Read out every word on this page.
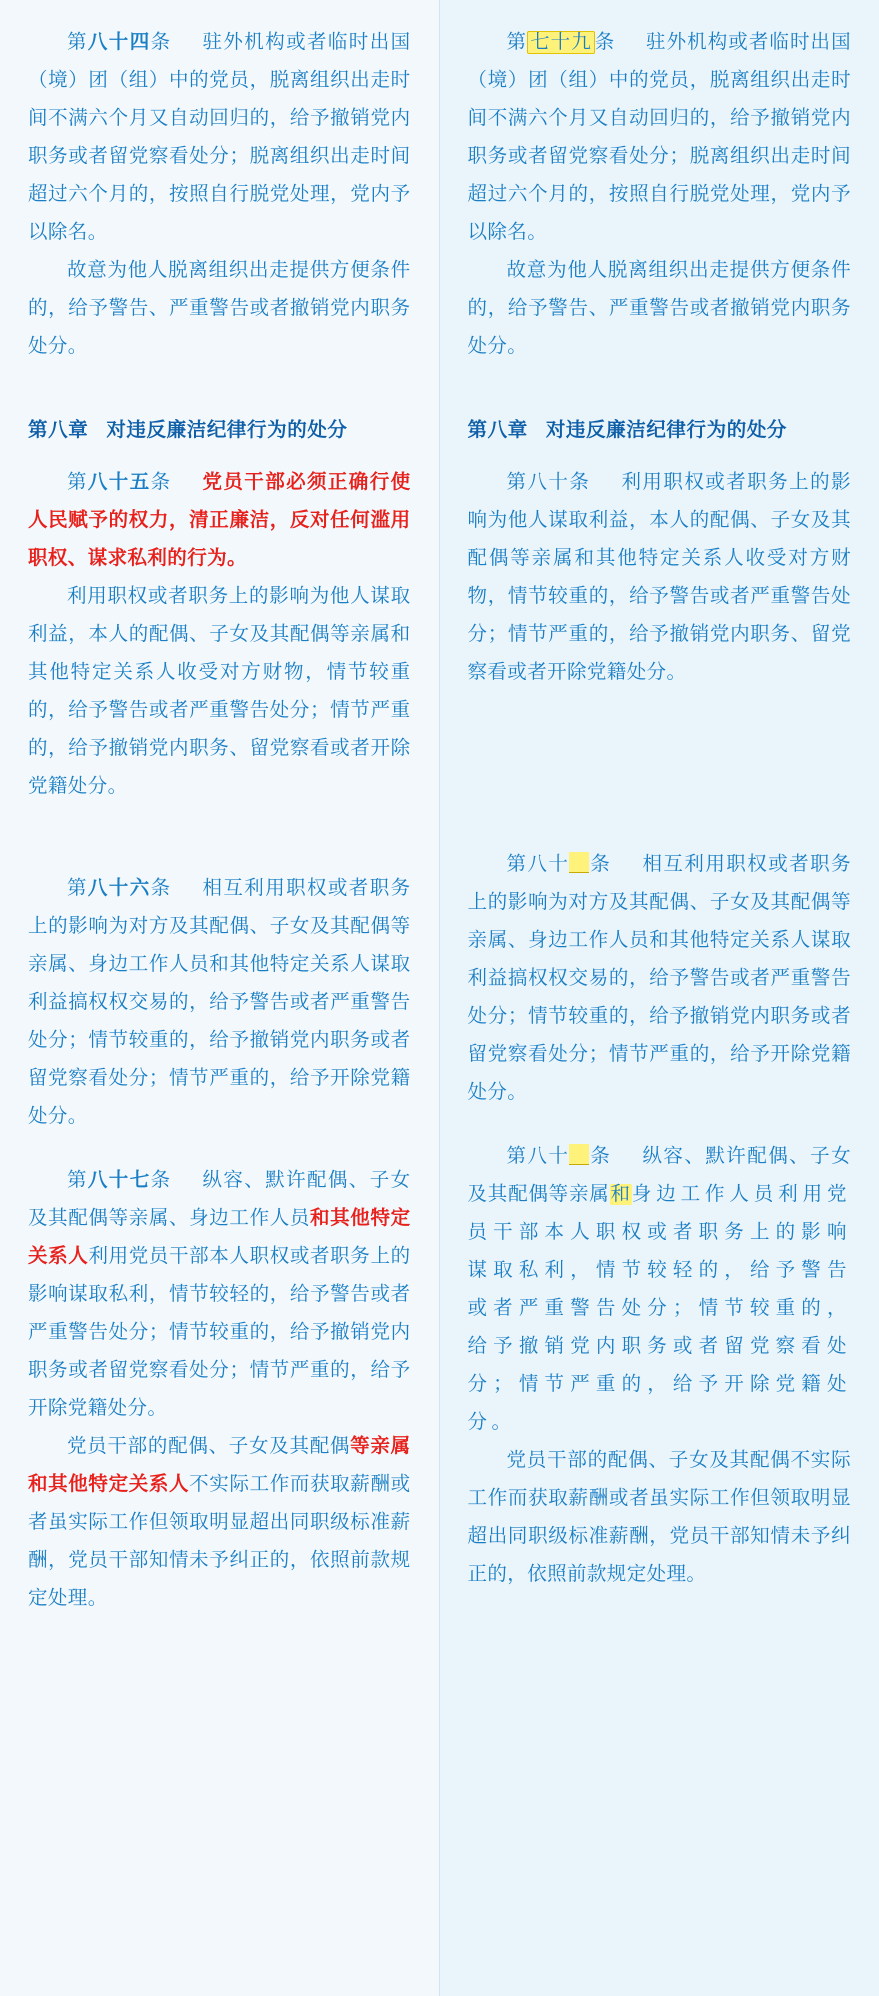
第八十四条 驻外机构或者临时出国（境）团（组）中的党员，脱离组织出走时间不满六个月又自动回归的，给予撤销党内职务或者留党察看处分；脱离组织出走时间超过六个月的，按照自行脱党处理，党内予以除名。

故意为他人脱离组织出走提供方便条件的，给予警告、严重警告或者撤销党内职务处分。

第八章 对违反廉洁纪律行为的处分

第八十五条 党员干部必须正确行使人民赋予的权力，清正廉洁，反对任何滥用职权、谋求私利的行为。

利用职权或者职务上的影响为他人谋取利益，本人的配偶、子女及其配偶等亲属和其他特定关系人收受对方财物，情节较重的，给予警告或者严重警告处分；情节严重的，给予撤销党内职务、留党察看或者开除党籍处分。

第八十六条 相互利用职权或者职务上的影响为对方及其配偶、子女及其配偶等亲属、身边工作人员和其他特定关系人谋取利益搞权权交易的，给予警告或者严重警告处分；情节较重的，给予撤销党内职务或者留党察看处分；情节严重的，给予开除党籍处分。

第八十七条 纵容、默许配偶、子女及其配偶等亲属、身边工作人员和其他特定关系人利用党员干部本人职权或者职务上的影响谋取私利，情节较轻的，给予警告或者严重警告处分；情节较重的，给予撤销党内职务或者留党察看处分；情节严重的，给予开除党籍处分。

党员干部的配偶、子女及其配偶等亲属和其他特定关系人不实际工作而获取薪酬或者虽实际工作但领取明显超出同职级标准薪酬，党员干部知情未予纠正的，依照前款规定处理。

第 七十九 条 驻外机构或者临时出国（境）团（组）中的党员，脱离组织出走时间不满六个月又自动回归的，给予撤销党内职务或者留党察看处分；脱离组织出走时间超过六个月的，按照自行脱党处理，党内予以除名。

故意为他人脱离组织出走提供方便条件的，给予警告、严重警告或者撤销党内职务处分。

第八章 对违反廉洁纪律行为的处分

第八十条 利用职权或者职务上的影响为他人谋取利益，本人的配偶、子女及其配偶等亲属和其他特定关系人收受对方财物，情节较重的，给予警告或者严重警告处分；情节严重的，给予撤销党内职务、留党察看或者开除党籍处分。

第八十 条 相互利用职权或者职务上的影响为对方及其配偶、子女及其配偶等亲属、身边工作人员和其他特定关系人谋取利益搞权权交易的，给予警告或者严重警告处分；情节较重的，给予撤销党内职务或者留党察看处分；情节严重的，给予开除党籍处分。

第八十 条 纵容、默许配偶、子女及其配偶等亲属和身边工作人员利用党员干部本人职权或者职务上的影响谋取私利，情节较轻的，给予警告或者严重警告处分；情节较重的，给予撤销党内职务或者留党察看处分；情节严重的，给予开除党籍处分。

党员干部的配偶、子女及其配偶不实际工作而获取薪酬或者虽实际工作但领取明显超出同职级标准薪酬，党员干部知情未予纠正的，依照前款规定处理。
